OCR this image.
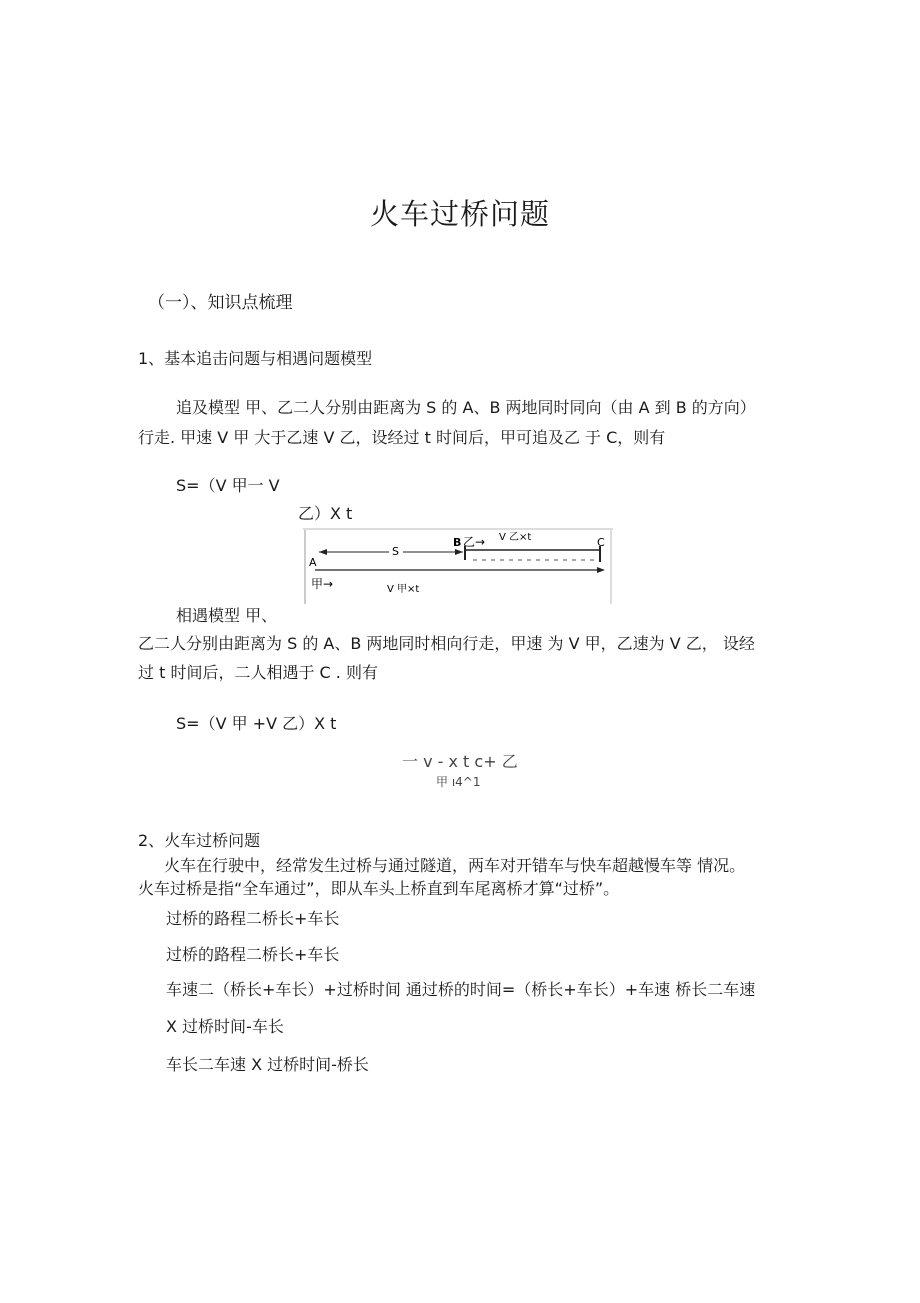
火车过桥问题
（一）、知识点梳理
1、基本追击问题与相遇问题模型
追及模型 甲、乙二人分别由距离为 S 的 A、B 两地同时同向（由 A 到 B 的方向）
行走. 甲速 V 甲 大于乙速 V 乙，设经过 t 时间后，甲可追及乙 于 C，则有
S=（V 甲一 V
乙）X t
A
B	C
乙→ V 乙×t
S
甲→	V 甲×t
相遇模型 甲、
乙二人分别由距离为 S 的 A、B 两地同时相向行走，甲速 为 V 甲，乙速为 V 乙， 设经
过 t 时间后，二人相遇于 C . 则有
S=（V 甲 +V 乙）X t
一 v - x t c+ 乙
甲 ı4^1
2、火车过桥问题
火车在行驶中，经常发生过桥与通过隧道，两车对开错车与快车超越慢车等 情况。
火车过桥是指“全车通过”，即从车头上桥直到车尾离桥才算“过桥”。
过桥的路程二桥长+车长
过桥的路程二桥长+车长
车速二（桥长+车长）+过桥时间 通过桥的时间=（桥长+车长）+车速 桥长二车速
X 过桥时间-车长
车长二车速 X 过桥时间-桥长
